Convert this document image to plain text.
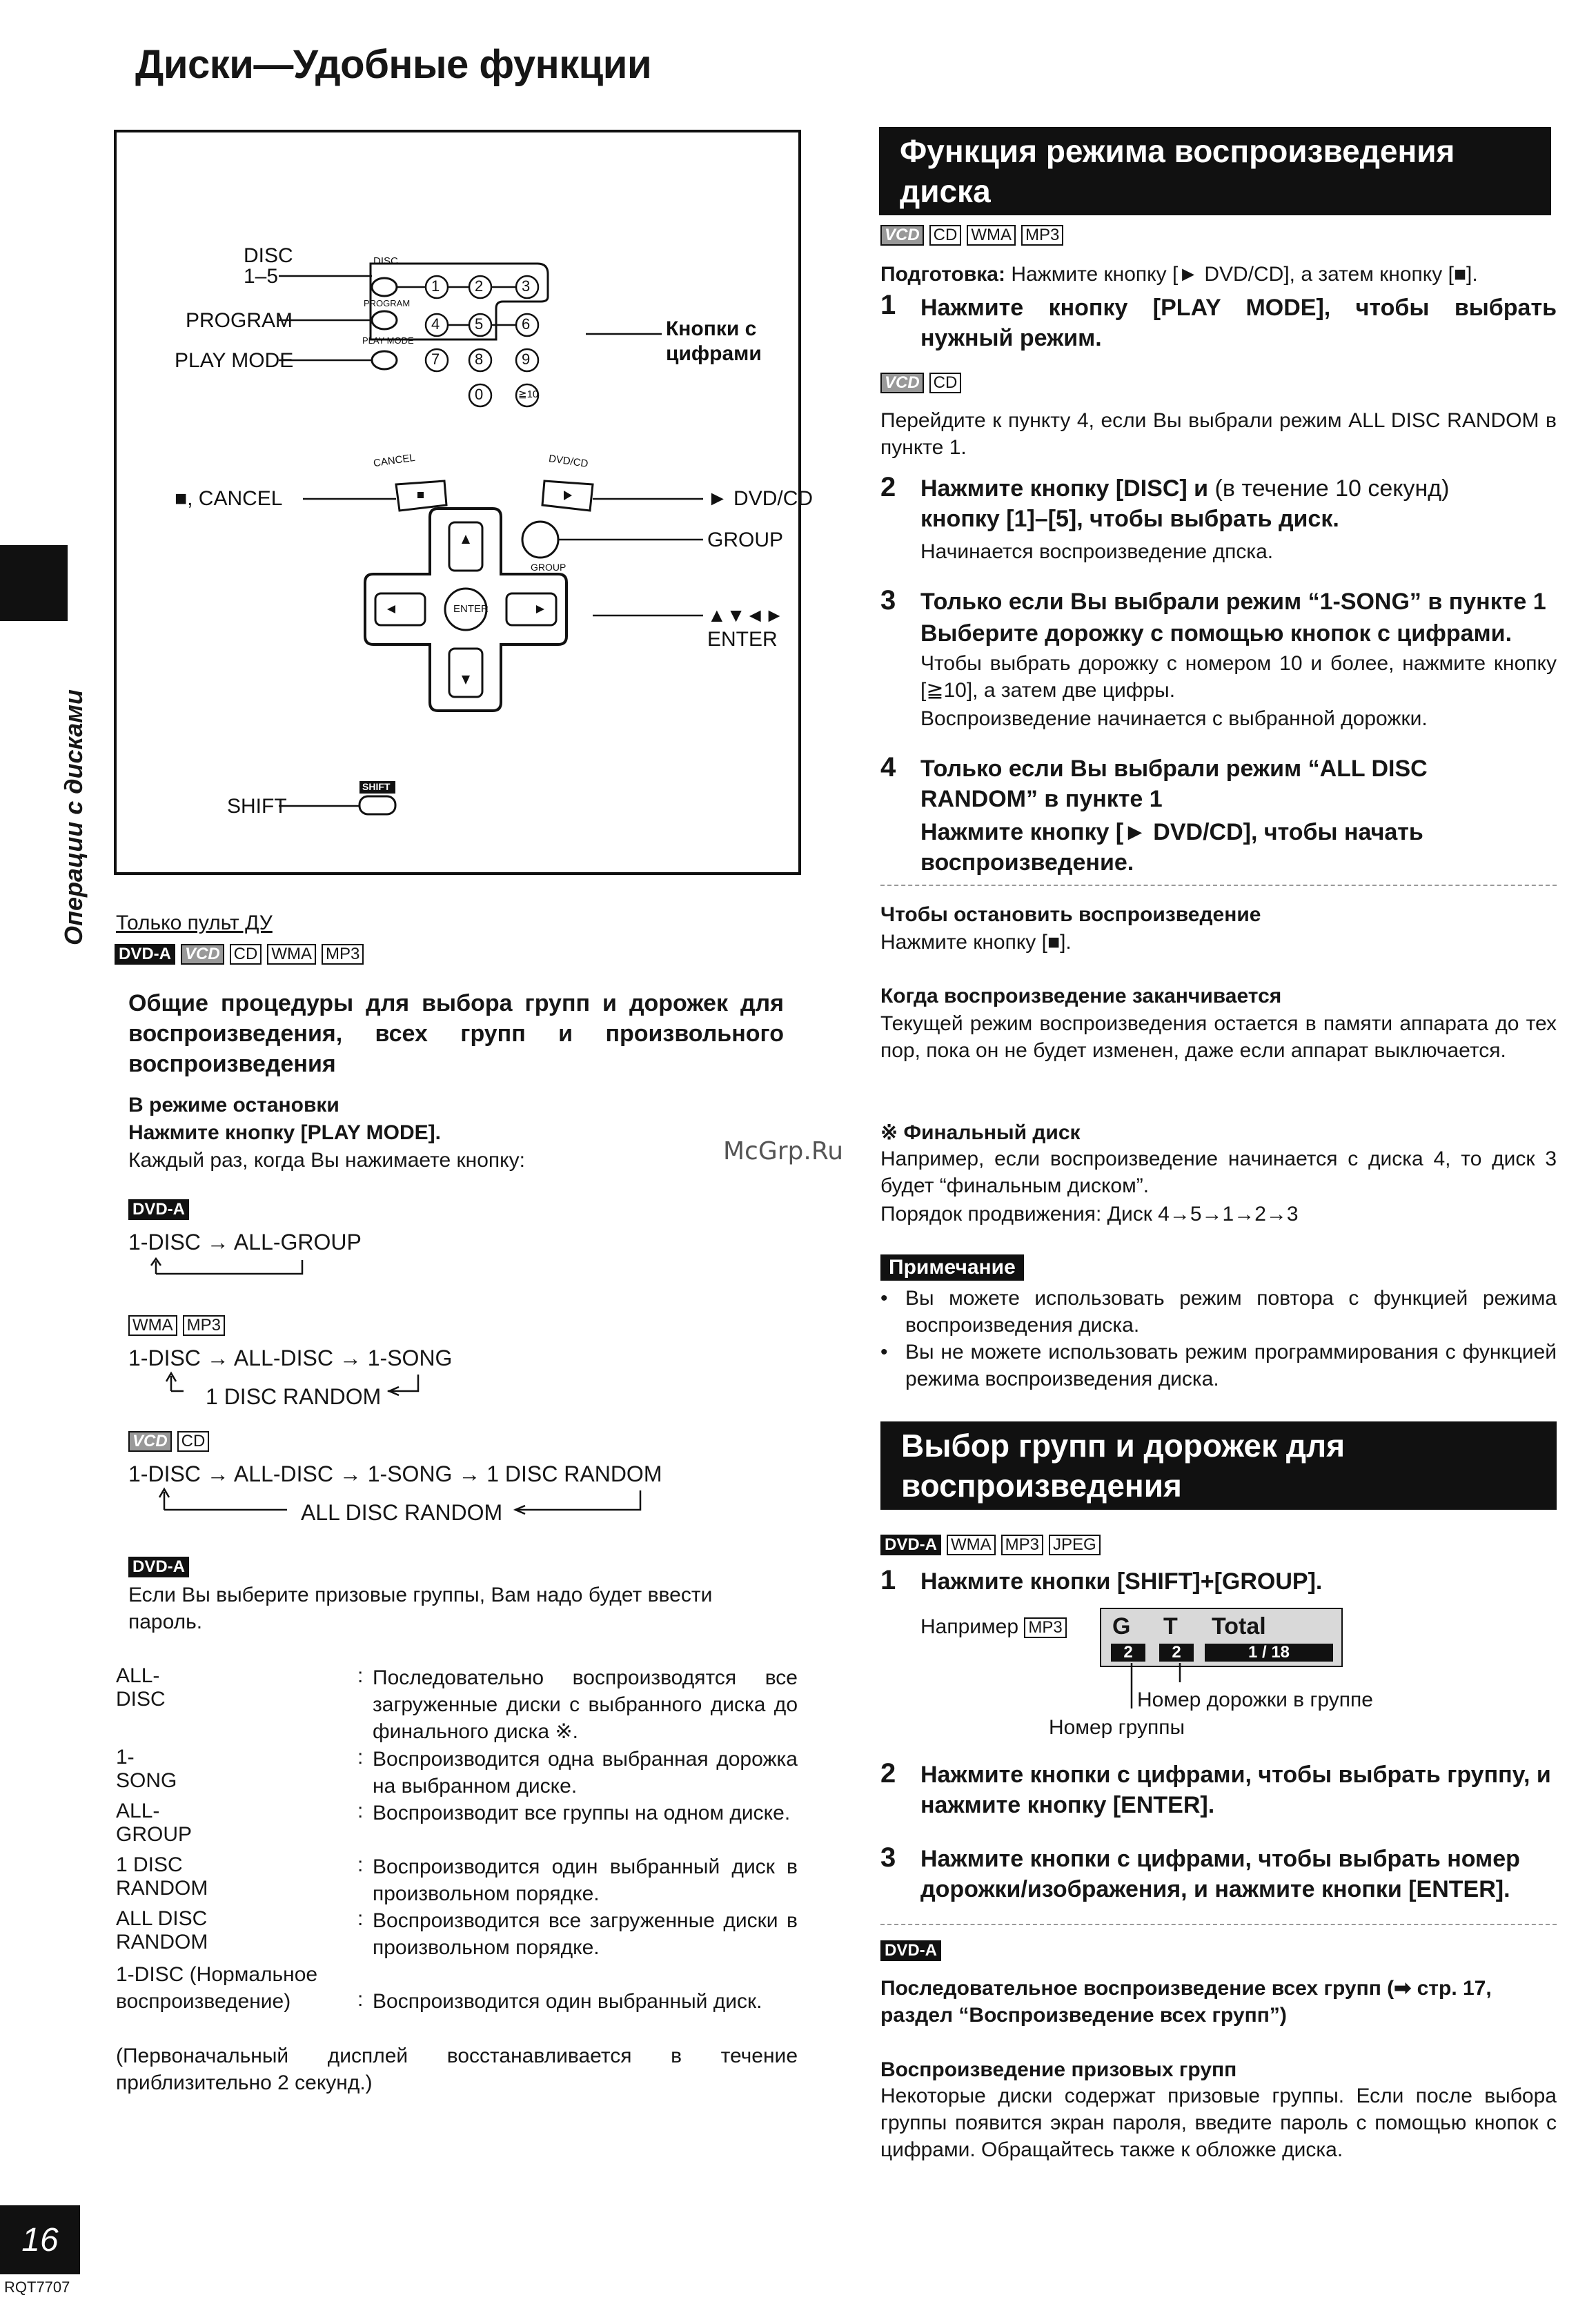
Диски—Удобные функции
Операции с дисками
DISC
PROGRAM
PLAY MODE
CANCEL	DVD/CD
GROUP
ENTER
SHIFT
1 2	3
4 5	6
7 8	9
0	≧10
DISC
1–5
PROGRAM
PLAY MODE
Кнопки с
цифрами
■, CANCEL	► DVD/CD
GROUP
▲▼◄►
ENTER
SHIFT
Только пульт ДУ
DVD-A VCD CD WMA MP3
Общие процедуры для выбора групп и дорожек для воспроизведения, всех групп и произвольного воспроизведения
В режиме остановки
Нажмите кнопку [PLAY MODE].
Каждый раз, когда Вы нажимаете кнопку:
DVD-A
1-DISC → ALL-GROUP
WMA MP3
1-DISC → ALL-DISC → 1-SONG
1 DISC RANDOM
VCD CD
1-DISC → ALL-DISC → 1-SONG → 1 DISC RANDOM
ALL DISC RANDOM
DVD-A
Если Вы выберите призовые группы, Вам надо будет ввести пароль.
ALL-DISC
: Последовательно воспроизводятся все загруженные диски с выбранного диска до финального диска ※.
1-SONG
: Воспроизводится одна выбранная дорожка на выбранном диске.
ALL-GROUP
: Воспроизводит все группы на одном диске.
1 DISC RANDOM
: Воспроизводится один выбранный диск в произвольном порядке.
ALL DISC RANDOM
: Воспроизводится все загруженные диски в произвольном порядке.
1-DISC (Нормальное воспроизведение)	: Воспроизводится один выбранный диск.
(Первоначальный дисплей восстанавливается в течение приблизительно 2 секунд.)
McGrp.Ru
Функция режима воспроизведения диска
VCD CD WMA MP3
Подготовка: Нажмите кнопку [► DVD/CD], а затем кнопку [■].
1 Нажмите кнопку [PLAY MODE], чтобы выбрать нужный режим.
VCD CD
Перейдите к пункту 4, если Вы выбрали режим ALL DISC RANDOM в пункте 1.
2 Нажмите кнопку [DISC] и (в течение 10 секунд)
кнопку [1]–[5], чтобы выбрать диск.
Начинается воспроизведение дпска.
3 Только если Вы выбрали режим “1-SONG” в пункте 1
Выберите дорожку с помощью кнопок с цифрами.
Чтобы выбрать дорожку с номером 10 и более, нажмите кнопку [≧10], а затем две цифры.
Воспроизведение начинается с выбранной дорожки.
4 Только если Вы выбрали режим “ALL DISC RANDOM” в пункте 1
Нажмите кнопку [► DVD/CD], чтобы начать воспроизведение.
Чтобы остановить воспроизведение
Нажмите кнопку [■].
Когда воспроизведение заканчивается
Текущей режим воспроизведения остается в памяти аппарата до тех пор, пока он не будет изменен, даже если аппарат выключается.
※ Финальный диск
Например, если воспроизведение начинается с диска 4, то диск 3 будет “финальным диском”.
Порядок продвижения: Диск 4→5→1→2→3
Примечание
• Вы можете использовать режим повтора с функцией режима воспроизведения диска.
• Вы не можете использовать режим программирования с функцией режима воспроизведения диска.
Выбор групп и дорожек для воспроизведения
DVD-A WMA MP3 JPEG
1 Нажмите кнопки [SHIFT]+[GROUP].
Например MP3	G T Total
2	2	1 / 18
Номер дорожки в группе
Номер группы
2 Нажмите кнопки с цифрами, чтобы выбрать группу, и нажмите кнопку [ENTER].
3 Нажмите кнопки с цифрами, чтобы выбрать номер дорожки/изображения, и нажмите кнопки [ENTER].
DVD-A
Последовательное воспроизведение всех групп (➡ стр. 17, раздел “Воспроизведение всех групп”)
Воспроизведение призовых групп
Некоторые диски содержат призовые группы. Если после выбора группы появится экран пароля, введите пароль с помощью кнопок с цифрами. Обращайтесь также к обложке диска.
16
RQT7707
